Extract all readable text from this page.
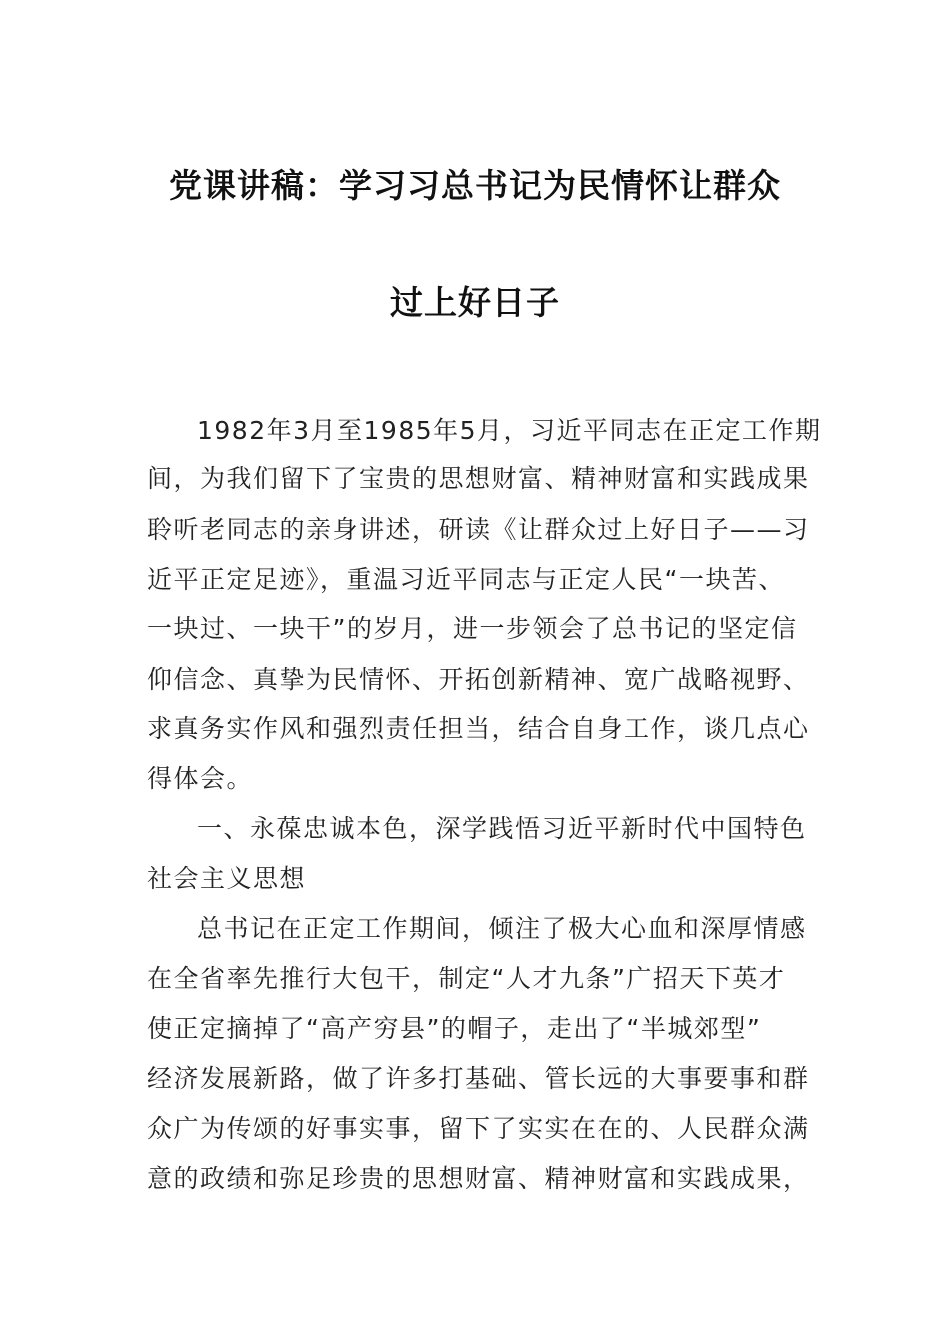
党课讲稿：学习习总书记为民情怀让群众
过上好日子
1982年3月至1985年5月，习近平同志在正定工作期
间，为我们留下了宝贵的思想财富、精神财富和实践成果
聆听老同志的亲身讲述，研读《让群众过上好日子——习
近平正定足迹》，重温习近平同志与正定人民“一块苦、
一块过、一块干”的岁月，进一步领会了总书记的坚定信
仰信念、真挚为民情怀、开拓创新精神、宽广战略视野、
求真务实作风和强烈责任担当，结合自身工作，谈几点心
得体会。
一、永葆忠诚本色，深学践悟习近平新时代中国特色
社会主义思想
总书记在正定工作期间，倾注了极大心血和深厚情感
在全省率先推行大包干，制定“人才九条”广招天下英才
使正定摘掉了“高产穷县”的帽子，走出了“半城郊型”
经济发展新路，做了许多打基础、管长远的大事要事和群
众广为传颂的好事实事，留下了实实在在的、人民群众满
意的政绩和弥足珍贵的思想财富、精神财富和实践成果，
